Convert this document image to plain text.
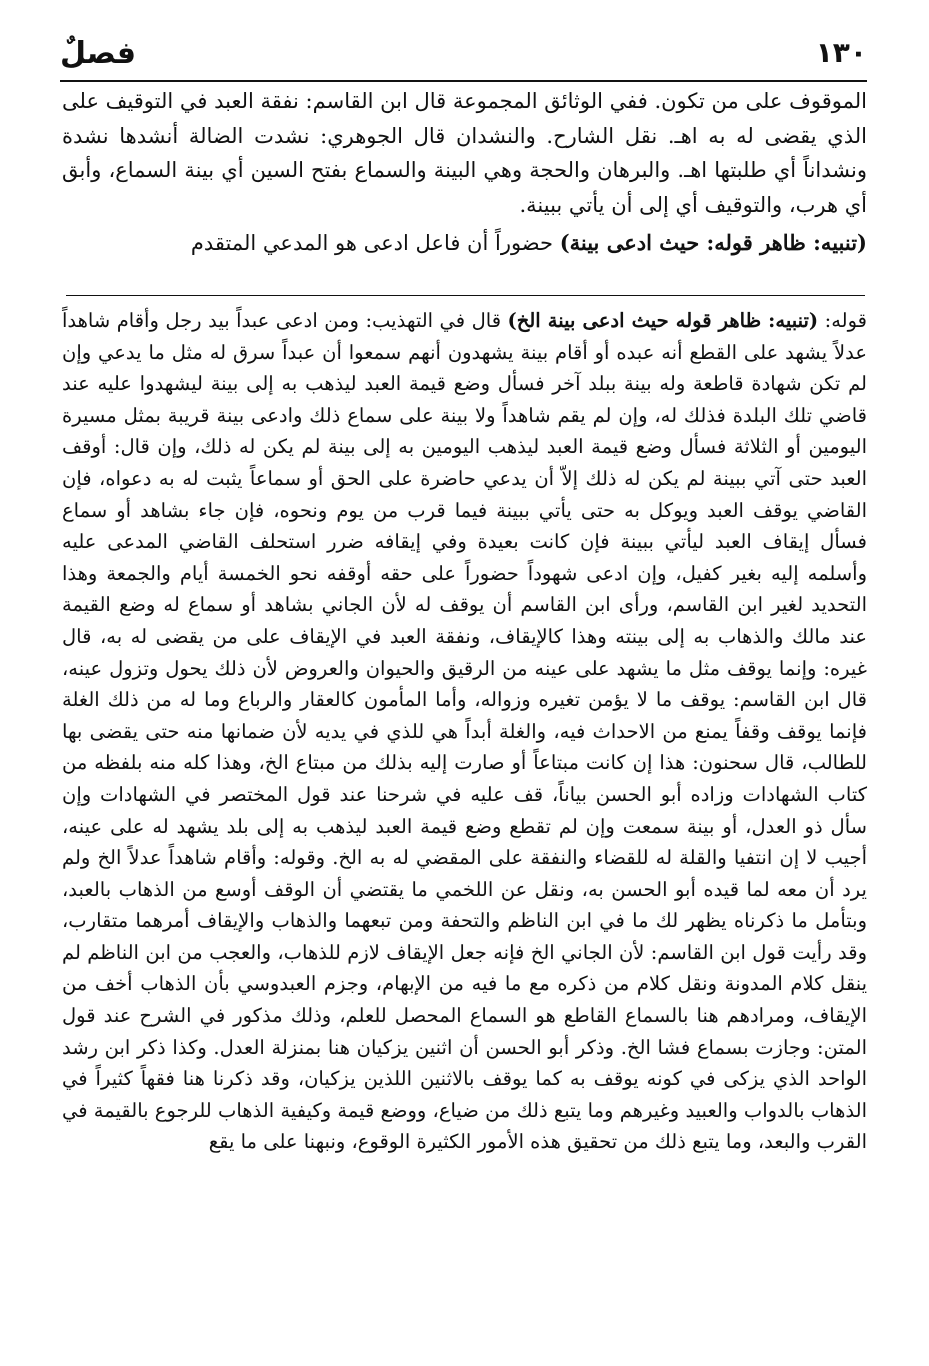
١٣٠
فصلٌ

الموقوف على من تكون. ففي الوثائق المجموعة قال ابن القاسم: نفقة العبد في التوقيف على الذي يقضى له به اهـ. نقل الشارح. والنشدان قال الجوهري: نشدت الضالة أنشدها نشدة ونشداناً أي طلبتها اهـ. والبرهان والحجة وهي البينة والسماع بفتح السين أي بينة السماع، وأبق أي هرب، والتوقيف أي إلى أن يأتي ببينة.

(تنبيه: ظاهر قوله: حيث ادعى بينة) حضوراً أن فاعل ادعى هو المدعي المتقدم

قوله: (تنبيه: ظاهر قوله حيث ادعى بينة الخ) قال في التهذيب: ومن ادعى عبداً بيد رجل وأقام شاهداً عدلاً يشهد على القطع أنه عبده أو أقام بينة يشهدون أنهم سمعوا أن عبداً سرق له مثل ما يدعي وإن لم تكن شهادة قاطعة وله بينة ببلد آخر فسأل وضع قيمة العبد ليذهب به إلى بينة ليشهدوا عليه عند قاضي تلك البلدة فذلك له، وإن لم يقم شاهداً ولا بينة على سماع ذلك وادعى بينة قريبة بمثل مسيرة اليومين أو الثلاثة فسأل وضع قيمة العبد ليذهب اليومين به إلى بينة لم يكن له ذلك، وإن قال: أوقف العبد حتى آتي ببينة لم يكن له ذلك إلاّ أن يدعي حاضرة على الحق أو سماعاً يثبت له به دعواه، فإن القاضي يوقف العبد ويوكل به حتى يأتي ببينة فيما قرب من يوم ونحوه، فإن جاء بشاهد أو سماع فسأل إيقاف العبد ليأتي ببينة فإن كانت بعيدة وفي إيقافه ضرر استحلف القاضي المدعى عليه وأسلمه إليه بغير كفيل، وإن ادعى شهوداً حضوراً على حقه أوقفه نحو الخمسة أيام والجمعة وهذا التحديد لغير ابن القاسم، ورأى ابن القاسم أن يوقف له لأن الجاني بشاهد أو سماع له وضع القيمة عند مالك والذهاب به إلى بينته وهذا كالإيقاف، ونفقة العبد في الإيقاف على من يقضى له به، قال غيره: وإنما يوقف مثل ما يشهد على عينه من الرقيق والحيوان والعروض لأن ذلك يحول وتزول عينه، قال ابن القاسم: يوقف ما لا يؤمن تغيره وزواله، وأما المأمون كالعقار والرباع وما له من ذلك الغلة فإنما يوقف وقفاً يمنع من الاحداث فيه، والغلة أبداً هي للذي في يديه لأن ضمانها منه حتى يقضى بها للطالب، قال سحنون: هذا إن كانت مبتاعاً أو صارت إليه بذلك من مبتاع الخ، وهذا كله منه بلفظه من كتاب الشهادات وزاده أبو الحسن بياناً، قف عليه في شرحنا عند قول المختصر في الشهادات وإن سأل ذو العدل، أو بينة سمعت وإن لم تقطع وضع قيمة العبد ليذهب به إلى بلد يشهد له على عينه، أجيب لا إن انتفيا والقلة له للقضاء والنفقة على المقضي له به الخ. وقوله: وأقام شاهداً عدلاً الخ ولم يرد أن معه لما قيده أبو الحسن به، ونقل عن اللخمي ما يقتضي أن الوقف أوسع من الذهاب بالعبد، وبتأمل ما ذكرناه يظهر لك ما في ابن الناظم والتحفة ومن تبعهما والذهاب والإيقاف أمرهما متقارب، وقد رأيت قول ابن القاسم: لأن الجاني الخ فإنه جعل الإيقاف لازم للذهاب، والعجب من ابن الناظم لم ينقل كلام المدونة ونقل كلام من ذكره مع ما فيه من الإبهام، وجزم العبدوسي بأن الذهاب أخف من الإيقاف، ومرادهم هنا بالسماع القاطع هو السماع المحصل للعلم، وذلك مذكور في الشرح عند قول المتن: وجازت بسماع فشا الخ. وذكر أبو الحسن أن اثنين يزكيان هنا بمنزلة العدل. وكذا ذكر ابن رشد الواحد الذي يزكى في كونه يوقف به كما يوقف بالاثنين اللذين يزكيان، وقد ذكرنا هنا فقهاً كثيراً في الذهاب بالدواب والعبيد وغيرهم وما يتبع ذلك من ضياع، ووضع قيمة وكيفية الذهاب للرجوع بالقيمة في القرب والبعد، وما يتبع ذلك من تحقيق هذه الأمور الكثيرة الوقوع، ونبهنا على ما يقع
